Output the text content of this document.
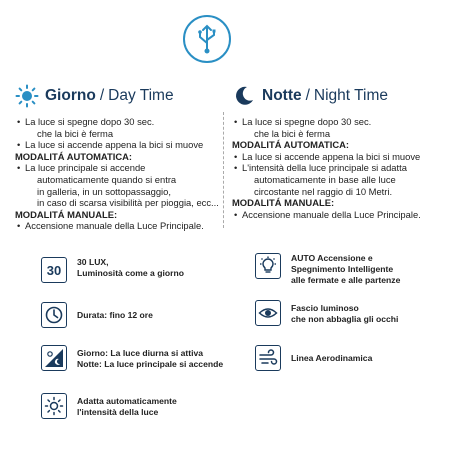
Giorno / Day Time
• La luce si spegne dopo 30 sec.
che la bici è ferma
• La luce si accende appena la bici si muove
MODALITÁ AUTOMATICA:
• La luce principale si accende
automaticamente quando si entra
in galleria, in un sottopassaggio,
in caso di scarsa visibilità per pioggia, ecc...
MODALITÁ MANUALE:
• Accensione manuale della Luce Principale.
Notte / Night Time
• La luce si spegne dopo 30 sec.
che la bici è ferma
MODALITÁ AUTOMATICA:
• La luce si accende appena la bici si muove
• L'intensità della luce principale si adatta
automaticamente in base alle luce
circostante nel raggio di 10 Metri.
MODALITÁ MANUALE:
• Accensione manuale della Luce Principale.
30
30 LUX,
Luminosità come a giorno
AUTO Accensione e
Spegnimento Intelligente
alle fermate e alle partenze
Durata: fino 12 ore
Fascio luminoso
che non abbaglia gli occhi
Giorno: La luce diurna si attiva
Notte: La luce principale si accende
Linea Aerodinamica
Adatta automaticamente
l'intensità della luce
